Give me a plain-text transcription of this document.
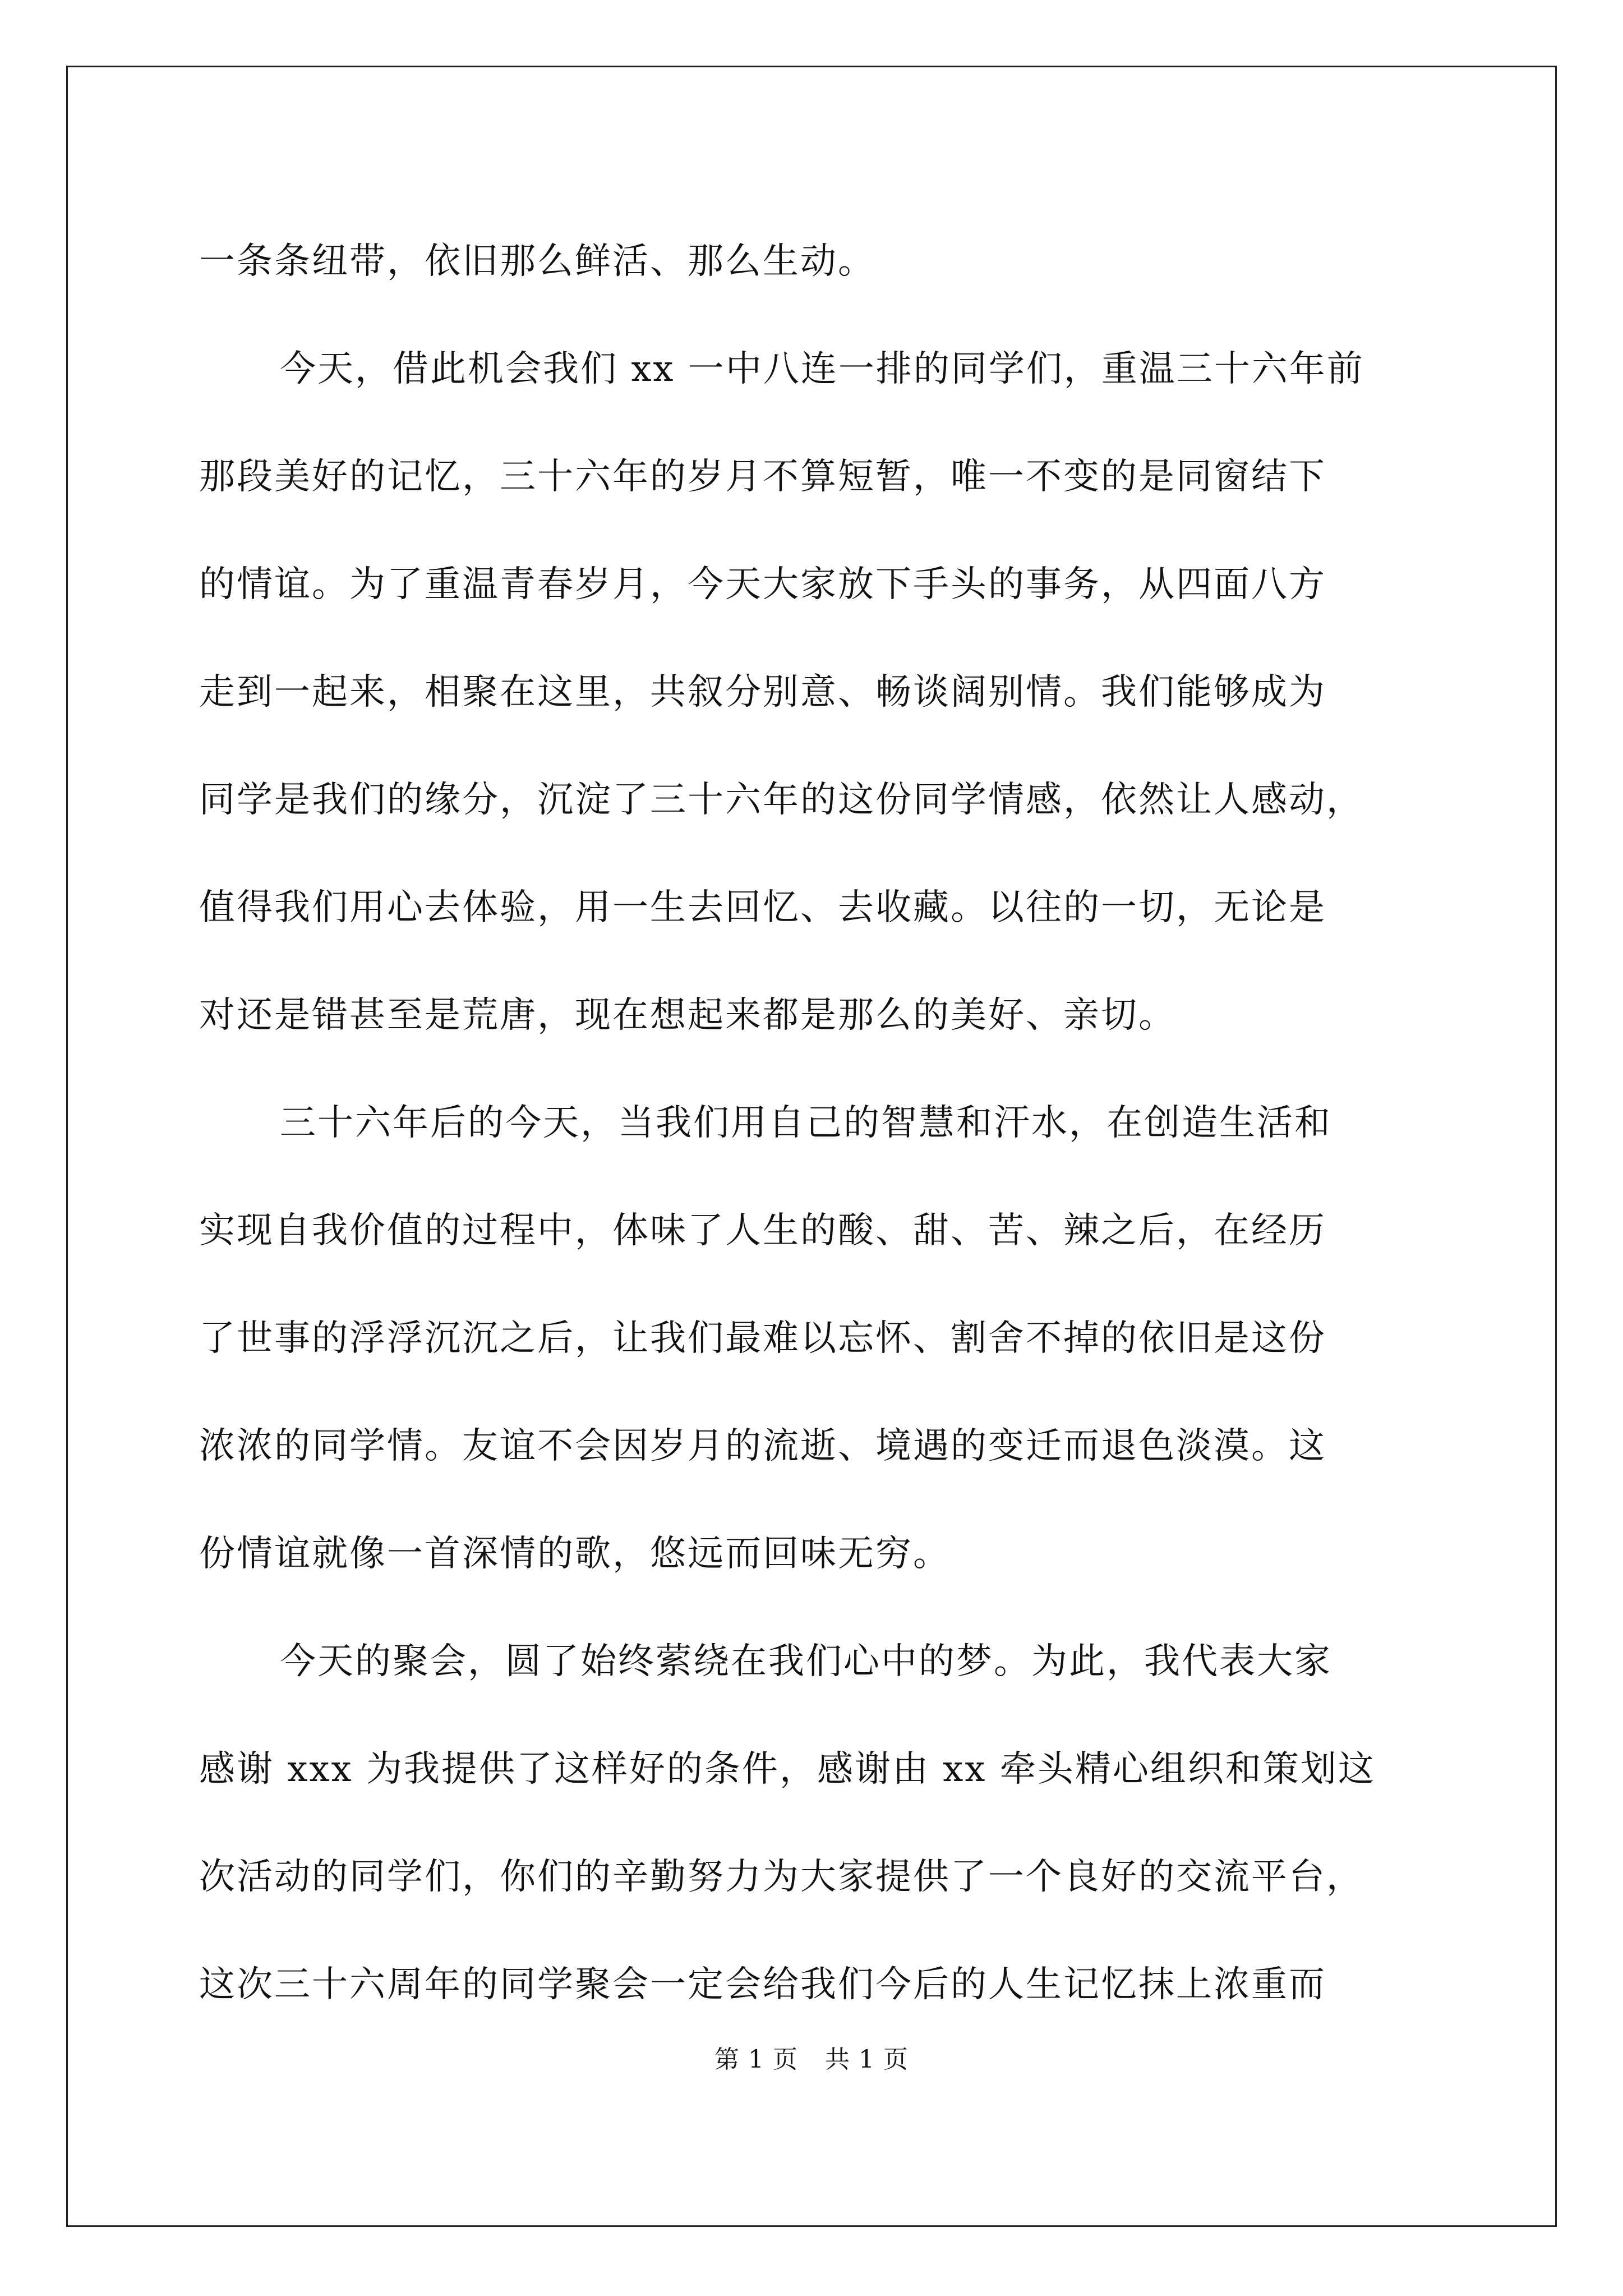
一条条纽带，依旧那么鲜活、那么生动。

今天，借此机会我们 xx 一中八连一排的同学们，重温三十六年前

那段美好的记忆，三十六年的岁月不算短暂，唯一不变的是同窗结下

的情谊。为了重温青春岁月，今天大家放下手头的事务，从四面八方

走到一起来，相聚在这里，共叙分别意、畅谈阔别情。我们能够成为

同学是我们的缘分，沉淀了三十六年的这份同学情感，依然让人感动，

值得我们用心去体验，用一生去回忆、去收藏。以往的一切，无论是

对还是错甚至是荒唐，现在想起来都是那么的美好、亲切。

三十六年后的今天，当我们用自己的智慧和汗水，在创造生活和

实现自我价值的过程中，体味了人生的酸、甜、苦、辣之后，在经历

了世事的浮浮沉沉之后，让我们最难以忘怀、割舍不掉的依旧是这份

浓浓的同学情。友谊不会因岁月的流逝、境遇的变迁而退色淡漠。这

份情谊就像一首深情的歌，悠远而回味无穷。

今天的聚会，圆了始终萦绕在我们心中的梦。为此，我代表大家

感谢 xxx 为我提供了这样好的条件，感谢由 xx 牵头精心组织和策划这

次活动的同学们，你们的辛勤努力为大家提供了一个良好的交流平台，

这次三十六周年的同学聚会一定会给我们今后的人生记忆抹上浓重而

第 1 页 共 1 页
